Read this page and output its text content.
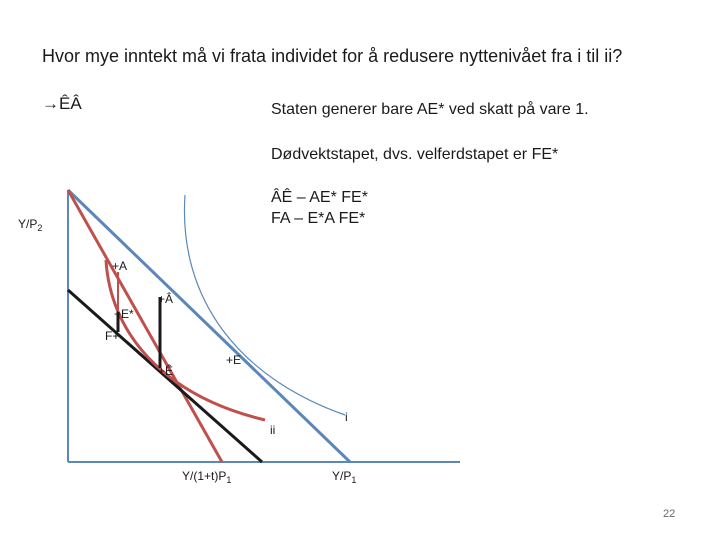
Hvor mye inntekt må vi frata individet for å redusere nyttenivået fra i til ii?
→ÊÂ	Staten generer bare AE* ved skatt på vare 1.
Dødvektstapet, dvs. velferdstapet er FE*
ÂÊ – AE* FE*
FA – E*A FE*
+A
+Â
+E*
F+
+Ê
+E
i
ii
$Y/P_2$
$Y/(1+t)P_1$	$Y/P_1$
22
